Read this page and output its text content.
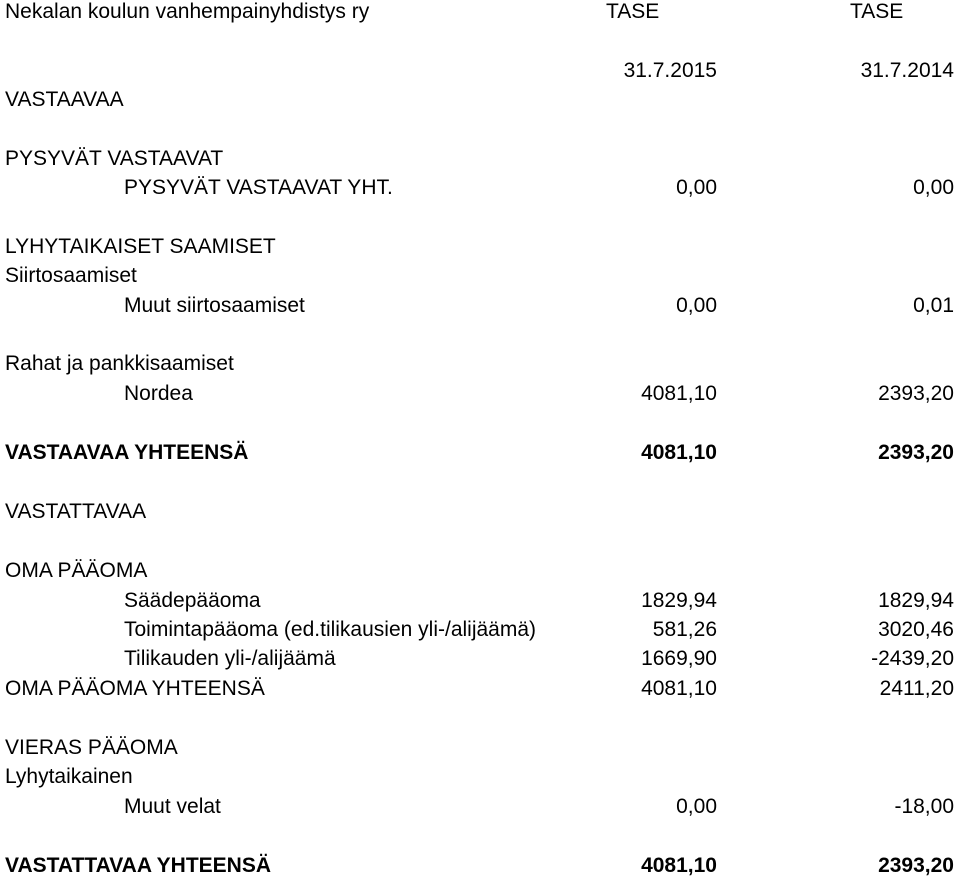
Nekalan koulun vanhempainyhdistys ry	TASE	TASE
31.7.2015	31.7.2014
VASTAAVAA
PYSYVÄT VASTAAVAT
PYSYVÄT VASTAAVAT YHT.	0,00	0,00
LYHYTAIKAISET SAAMISET
Siirtosaamiset
Muut siirtosaamiset	0,00	0,01
Rahat ja pankkisaamiset
Nordea	4081,10	2393,20
VASTAAVAA YHTEENSÄ	4081,10	2393,20
VASTATTAVAA
OMA PÄÄOMA
Säädepääoma	1829,94	1829,94
Toimintapääoma (ed.tilikausien yli-/alijäämä)	581,26	3020,46
Tilikauden yli-/alijäämä	1669,90	-2439,20
OMA PÄÄOMA YHTEENSÄ	4081,10	2411,20
VIERAS PÄÄOMA
Lyhytaikainen
Muut velat	0,00	-18,00
VASTATTAVAA YHTEENSÄ	4081,10	2393,20
